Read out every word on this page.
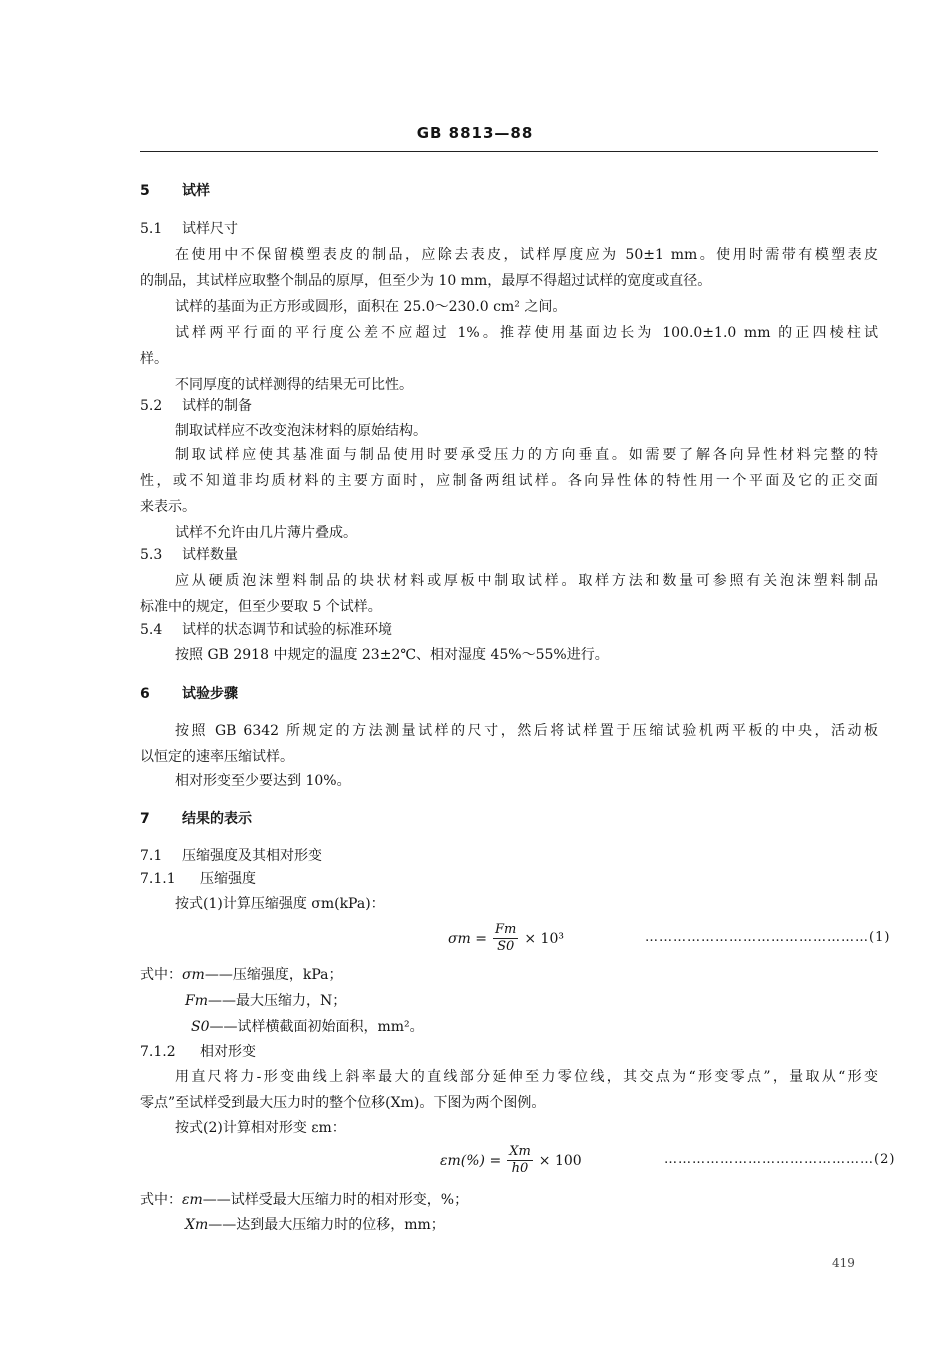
GB 8813—88
5 试样
5.1 试样尺寸
在使用中不保留模塑表皮的制品，应除去表皮，试样厚度应为 50±1 mm。使用时需带有模塑表皮
的制品，其试样应取整个制品的原厚，但至少为 10 mm，最厚不得超过试样的宽度或直径。
试样的基面为正方形或圆形，面积在 25.0～230.0 cm² 之间。
试样两平行面的平行度公差不应超过 1%。推荐使用基面边长为 100.0±1.0 mm 的正四棱柱试
样。
不同厚度的试样测得的结果无可比性。
5.2 试样的制备
制取试样应不改变泡沫材料的原始结构。
制取试样应使其基准面与制品使用时要承受压力的方向垂直。如需要了解各向异性材料完整的特
性，或不知道非均质材料的主要方面时，应制备两组试样。各向异性体的特性用一个平面及它的正交面
来表示。
试样不允许由几片薄片叠成。
5.3 试样数量
应从硬质泡沫塑料制品的块状材料或厚板中制取试样。取样方法和数量可参照有关泡沫塑料制品
标准中的规定，但至少要取 5 个试样。
5.4 试样的状态调节和试验的标准环境
按照 GB 2918 中规定的温度 23±2℃、相对湿度 45%～55%进行。
6 试验步骤
按照 GB 6342 所规定的方法测量试样的尺寸，然后将试样置于压缩试验机两平板的中央，活动板
以恒定的速率压缩试样。
相对形变至少要达到 10%。
7 结果的表示
7.1 压缩强度及其相对形变
7.1.1 压缩强度
按式(1)计算压缩强度 σm(kPa)：
$\sigma m = \frac{Fm}{S0} \times 10^3$	…………………………………………(1)
式中：σm——压缩强度，kPa；
Fm——最大压缩力，N；
S0——试样横截面初始面积，mm²。
7.1.2 相对形变
用直尺将力-形变曲线上斜率最大的直线部分延伸至力零位线，其交点为“形变零点”，量取从“形变
零点”至试样受到最大压力时的整个位移(Xm)。下图为两个图例。
按式(2)计算相对形变 εm：
$\varepsilon m(\%) = \frac{Xm}{h0} \times 100$	………………………………………(2)
式中：εm——试样受最大压缩力时的相对形变，%；
Xm——达到最大压缩力时的位移，mm；
419
